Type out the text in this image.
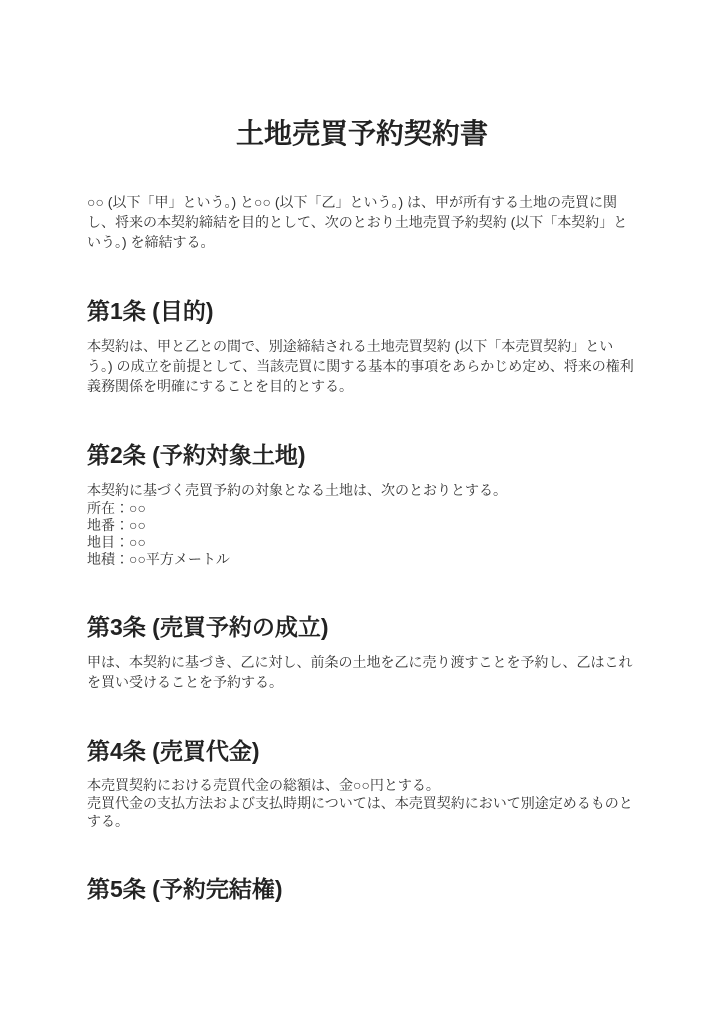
土地売買予約契約書

○○ (以下「甲」という。) と○○ (以下「乙」という。) は、甲が所有する土地の売買に関し、将来の本契約締結を目的として、次のとおり土地売買予約契約 (以下「本契約」という。) を締結する。

第1条 (目的)

本契約は、甲と乙との間で、別途締結される土地売買契約 (以下「本売買契約」という。) の成立を前提として、当該売買に関する基本的事項をあらかじめ定め、将来の権利義務関係を明確にすることを目的とする。

第2条 (予約対象土地)

本契約に基づく売買予約の対象となる土地は、次のとおりとする。

所在：○○
地番：○○
地目：○○
地積：○○平方メートル
第3条 (売買予約の成立)

甲は、本契約に基づき、乙に対し、前条の土地を乙に売り渡すことを予約し、乙はこれを買い受けることを予約する。

第4条 (売買代金)
本売買契約における売買代金の総額は、金○○円とする。
売買代金の支払方法および支払時期については、本売買契約において別途定めるものとする。
第5条 (予約完結権)
